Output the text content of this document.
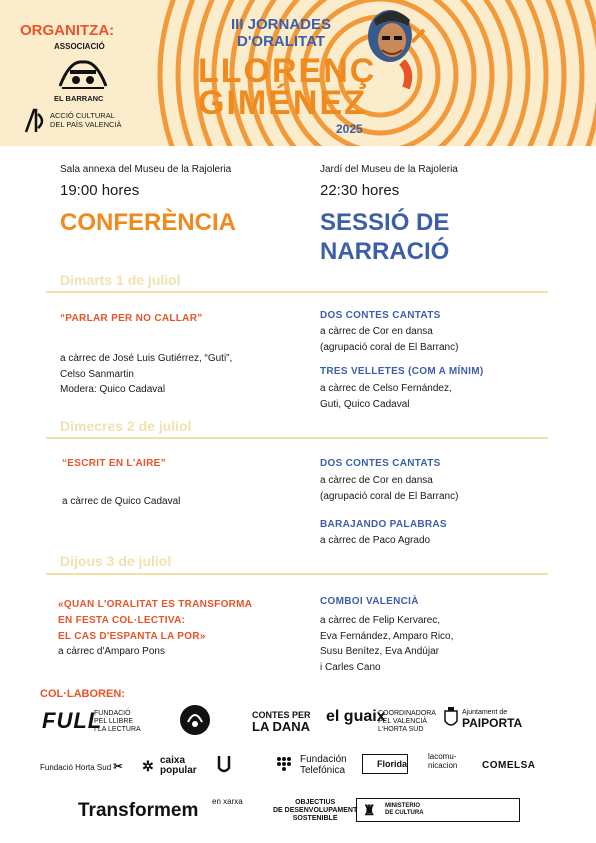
ORGANITZA:
ASSOCIACIÓ
EL BARRANC
ACCIÓ CULTURAL
DEL PAÍS VALENCIÀ
III JORNADES
D'ORALITAT
LLORENÇ
GIMÉNEZ
2025
Sala annexa del Museu de la Rajoleria	Jardí del Museu de la Rajoleria
19:00 hores	22:30 hores
CONFERÈNCIA	SESSIÓ DE
NARRACIÓ
Dimarts 1 de juliol
“PARLAR PER NO CALLAR”
a càrrec de José Luis Gutiérrez, “Guti”,
Celso Sanmartin
Modera: Quico Cadaval
DOS CONTES CANTATS
a càrrec de Cor en dansa
(agrupació coral de El Barranc)
TRES VELLETES (COM A MÍNIM)
a càrrec de Celso Fernández,
Guti, Quico Cadaval
Dimecres 2 de juliol
“ESCRIT EN L'AIRE”
a càrrec de Quico Cadaval
DOS CONTES CANTATS
a càrrec de Cor en dansa
(agrupació coral de El Barranc)
BARAJANDO PALABRAS
a càrrec de Paco Agrado
Dijous 3 de juliol
«QUAN L'ORALITAT ES TRANSFORMA
EN FESTA COL·LECTIVA:
EL CAS D'ESPANTA LA POR»
a càrrec d'Amparo Pons
COMBOI VALENCIÀ
a càrrec de Felip Kervarec,
Eva Fernández, Amparo Rico,
Susu Benítez, Eva Andújar
i Carles Cano
COL·LABOREN:
FULL
FUNDACIÓ
PEL LLIBRE
I LA LECTURA
CONTES PER
LA DANA
el guaix
COORDINADORA
PEL VALENCIÀ
L'HORTA SUD
Ajuntament de
PAIPORTA
Fundació Horta Sud ✂ ✲ caixa
popular
Fundación
Telefónica
Florida
lacomu-
nicacion COMELSA
Transformem en xarxa	OBJECTIUS
DE DESENVOLUPAMENT
SOSTENIBLE
♜ MINISTERIO
DE CULTURA
